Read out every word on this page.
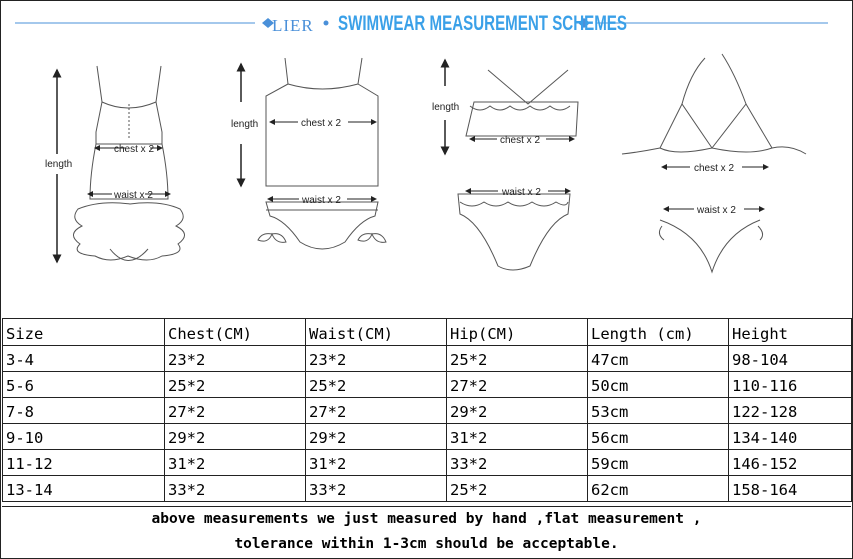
LIER SWIMWEAR MEASUREMENT SCHEMES
length
chest x 2
waist x 2
length	chest x 2
waist x 2
length
chest x 2
waist x 2
chest x 2
waist x 2
Size	Chest(CM)	Waist(CM)	Hip(CM)	Length (cm)	Height
3-4	23*2	23*2	25*2	47cm	98-104
5-6	25*2	25*2	27*2	50cm	110-116
7-8	27*2	27*2	29*2	53cm	122-128
9-10	29*2	29*2	31*2	56cm	134-140
11-12	31*2	31*2	33*2	59cm	146-152
13-14	33*2	33*2	25*2	62cm	158-164
above measurements we just measured by hand ,flat measurement ,
tolerance within 1-3cm should be acceptable.
